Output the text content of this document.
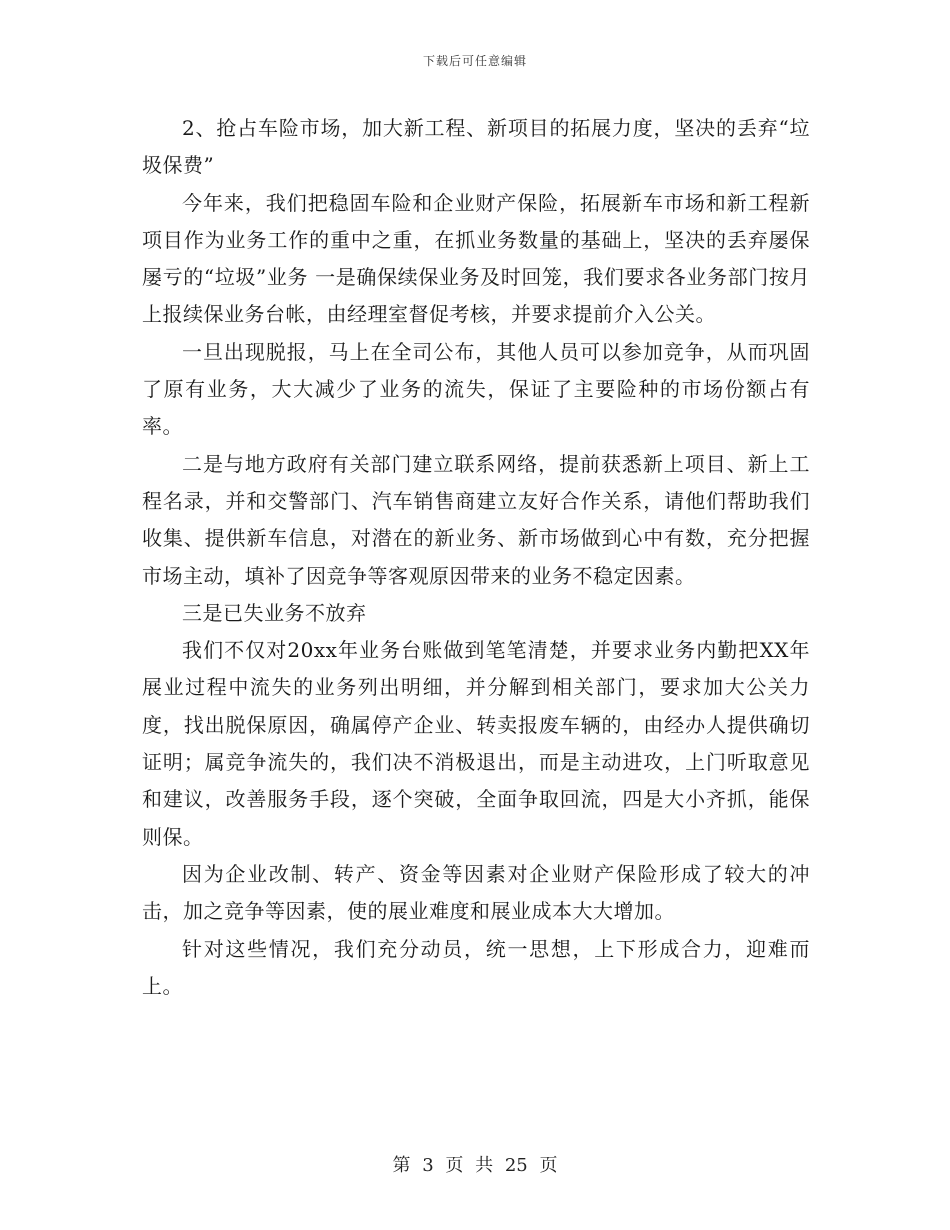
下载后可任意编辑

2、抢占车险市场，加大新工程、新项目的拓展力度，坚决的丢弃“垃圾保费”

今年来，我们把稳固车险和企业财产保险，拓展新车市场和新工程新项目作为业务工作的重中之重，在抓业务数量的基础上，坚决的丢弃屡保屡亏的“垃圾”业务 一是确保续保业务及时回笼，我们要求各业务部门按月上报续保业务台帐，由经理室督促考核，并要求提前介入公关。

一旦出现脱报，马上在全司公布，其他人员可以参加竞争，从而巩固了原有业务，大大减少了业务的流失，保证了主要险种的市场份额占有率。

二是与地方政府有关部门建立联系网络，提前获悉新上项目、新上工程名录，并和交警部门、汽车销售商建立友好合作关系，请他们帮助我们收集、提供新车信息，对潜在的新业务、新市场做到心中有数，充分把握市场主动，填补了因竞争等客观原因带来的业务不稳定因素。

三是已失业务不放弃

我们不仅对20xx年业务台账做到笔笔清楚，并要求业务内勤把XX年展业过程中流失的业务列出明细，并分解到相关部门，要求加大公关力度，找出脱保原因，确属停产企业、转卖报废车辆的，由经办人提供确切证明；属竞争流失的，我们决不消极退出，而是主动进攻，上门听取意见和建议，改善服务手段，逐个突破，全面争取回流，四是大小齐抓，能保则保。

因为企业改制、转产、资金等因素对企业财产保险形成了较大的冲击，加之竞争等因素，使的展业难度和展业成本大大增加。

针对这些情况，我们充分动员，统一思想，上下形成合力，迎难而上。

第 3 页 共 25 页
